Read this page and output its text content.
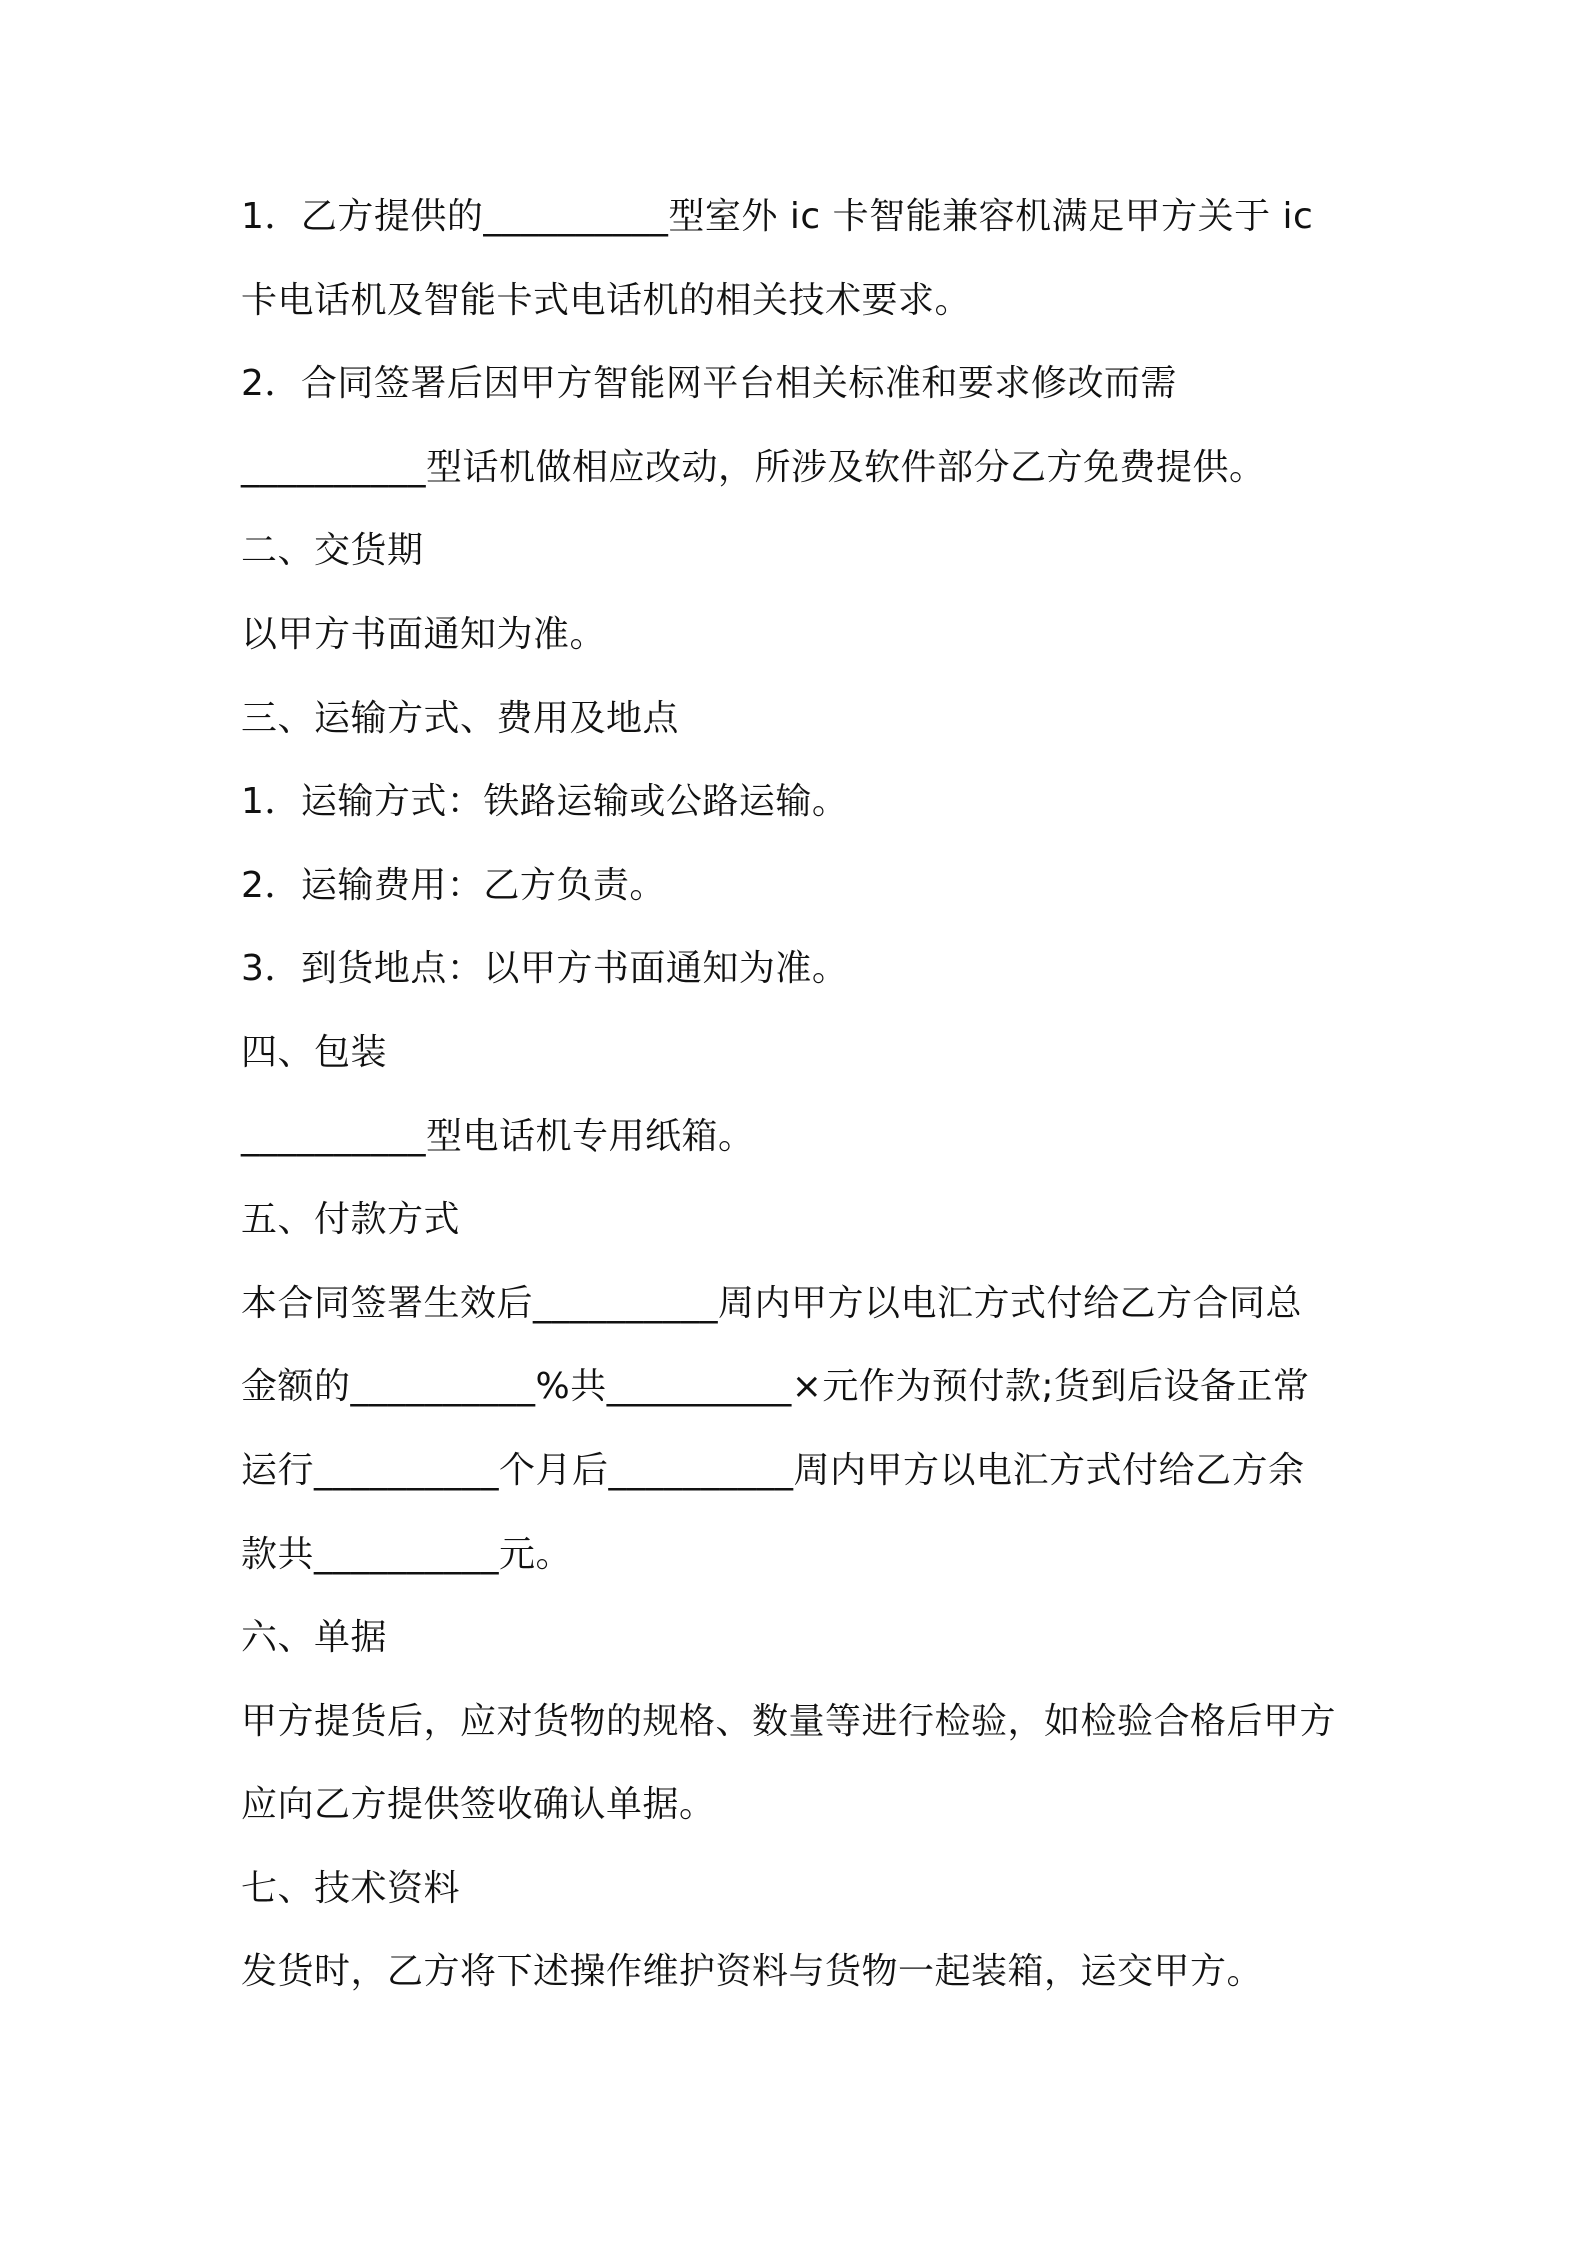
1．乙方提供的__________型室外 ic 卡智能兼容机满足甲方关于 ic
卡电话机及智能卡式电话机的相关技术要求。
2．合同签署后因甲方智能网平台相关标准和要求修改而需
__________型话机做相应改动，所涉及软件部分乙方免费提供。
二、交货期
以甲方书面通知为准。
三、运输方式、费用及地点
1．运输方式：铁路运输或公路运输。
2．运输费用：乙方负责。
3．到货地点：以甲方书面通知为准。
四、包装
__________型电话机专用纸箱。
五、付款方式
本合同签署生效后__________周内甲方以电汇方式付给乙方合同总
金额的__________%共__________×元作为预付款;货到后设备正常
运行__________个月后__________周内甲方以电汇方式付给乙方余
款共__________元。
六、单据
甲方提货后，应对货物的规格、数量等进行检验，如检验合格后甲方
应向乙方提供签收确认单据。
七、技术资料
发货时，乙方将下述操作维护资料与货物一起装箱，运交甲方。
